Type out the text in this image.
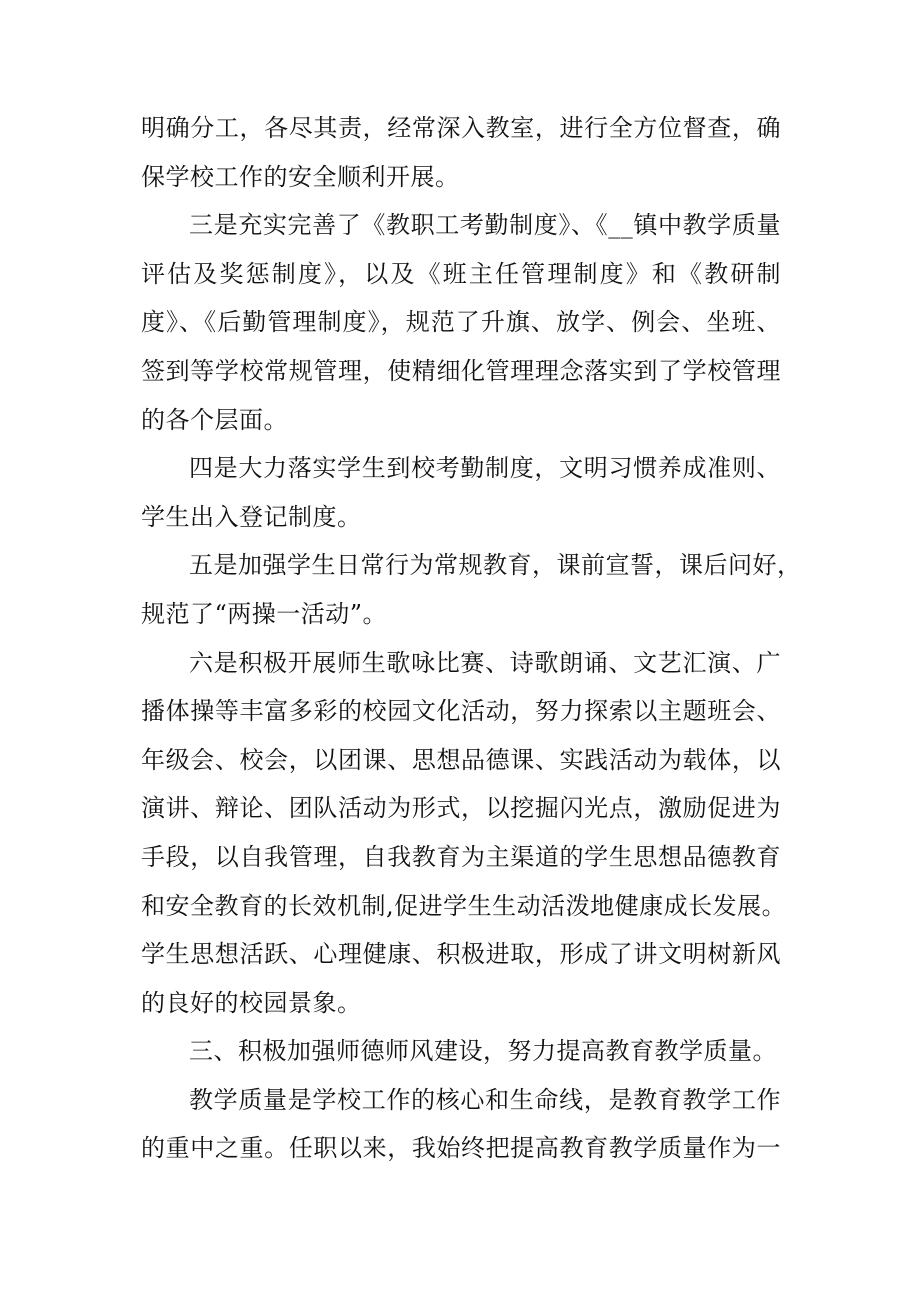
明确分工，各尽其责，经常深入教室，进行全方位督查，确
保学校工作的安全顺利开展。
三是充实完善了《教职工考勤制度》、《__镇中教学质量
评估及奖惩制度》，以及《班主任管理制度》和《教研制
度》、《后勤管理制度》，规范了升旗、放学、例会、坐班、
签到等学校常规管理，使精细化管理理念落实到了学校管理
的各个层面。
四是大力落实学生到校考勤制度，文明习惯养成准则、
学生出入登记制度。
五是加强学生日常行为常规教育，课前宣誓，课后问好，
规范了“两操一活动”。
六是积极开展师生歌咏比赛、诗歌朗诵、文艺汇演、广
播体操等丰富多彩的校园文化活动，努力探索以主题班会、
年级会、校会，以团课、思想品德课、实践活动为载体，以
演讲、辩论、团队活动为形式，以挖掘闪光点，激励促进为
手段，以自我管理，自我教育为主渠道的学生思想品德教育
和安全教育的长效机制,促进学生生动活泼地健康成长发展。
学生思想活跃、心理健康、积极进取，形成了讲文明树新风
的良好的校园景象。
三、积极加强师德师风建设，努力提高教育教学质量。
教学质量是学校工作的核心和生命线，是教育教学工作
的重中之重。任职以来，我始终把提高教育教学质量作为一
